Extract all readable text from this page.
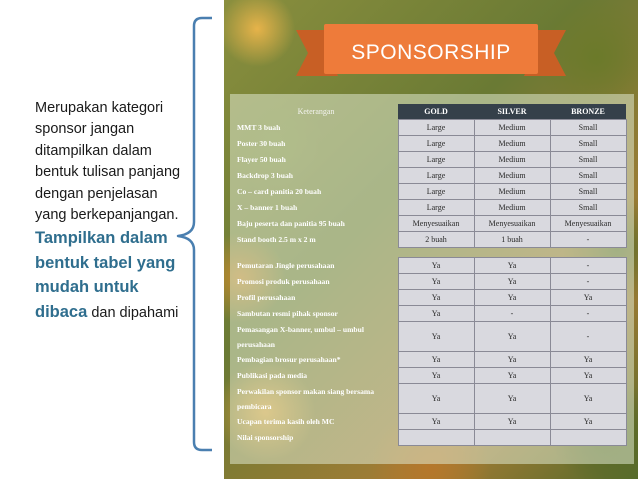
Merupakan kategori sponsor jangan ditampilkan dalam bentuk tulisan panjang dengan penjelasan yang berkepanjangan. Tampilkan dalam bentuk tabel yang mudah untuk dibaca dan dipahami
SPONSORSHIP
Keterangan	GOLD	SILVER	BRONZE
MMT 3 buah	Large	Medium	Small
Poster 30 buah	Large	Medium	Small
Flayer 50 buah	Large	Medium	Small
Backdrop 3 buah	Large	Medium	Small
Co – card panitia 20 buah	Large	Medium	Small
X – banner 1 buah	Large	Medium	Small
Baju peserta dan panitia 95 buah	Menyesuaikan	Menyesuaikan	Menyesuaikan
Stand booth 2.5 m x 2 m	2 buah	1 buah	-

Pemutaran Jingle perusahaan	Ya	Ya	-
Promosi produk perusahaan	Ya	Ya	-
Profil perusahaan	Ya	Ya	Ya
Sambutan resmi pihak sponsor	Ya	-	-
Pemasangan X-banner, umbul – umbul perusahaan	Ya	Ya	-
Pembagian brosur perusahaan*	Ya	Ya	Ya
Publikasi pada media	Ya	Ya	Ya
Perwakilan sponsor makan siang bersama pembicara	Ya	Ya	Ya
Ucapan terima kasih oleh MC	Ya	Ya	Ya
Nilai sponsorship			
